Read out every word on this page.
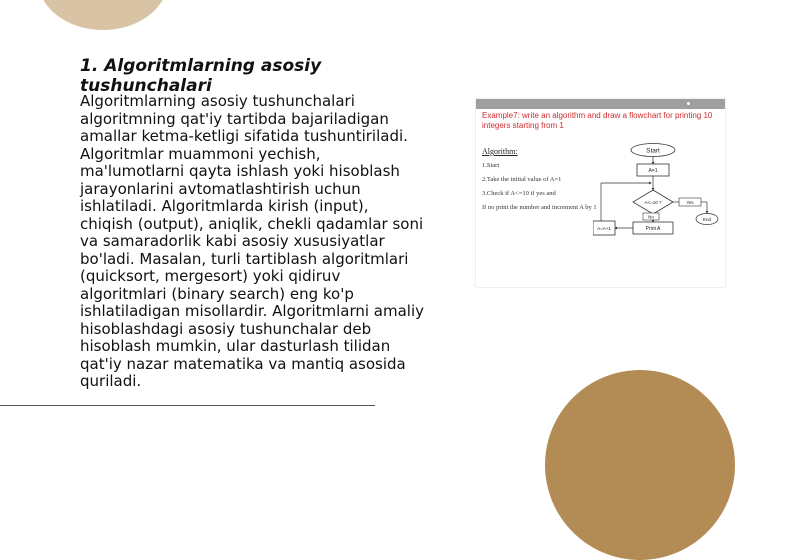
1. Algoritmlarning asosiy tushunchalari
Algoritmlarning asosiy tushunchalari algoritmning qat'iy tartibda bajariladigan amallar ketma-ketligi sifatida tushuntiriladi. Algoritmlar muammoni yechish, ma'lumotlarni qayta ishlash yoki hisoblash jarayonlarini avtomatlashtirish uchun ishlatiladi. Algoritmlarda kirish (input), chiqish (output), aniqlik, chekli qadamlar soni va samaradorlik kabi asosiy xususiyatlar bo'ladi. Masalan, turli tartiblash algoritmlari (quicksort, mergesort) yoki qidiruv algoritmlari (binary search) eng ko'p ishlatiladigan misollardir. Algoritmlarni amaliy hisoblashdagi asosiy tushunchalar deb hisoblash mumkin, ular dasturlash tilidan qat'iy nazar matematika va mantiq asosida quriladi.
Example7: write an algorithm and draw a flowchart for printing 10 integers starting from 1
Algorithm:
1.Start
2.Take the initial value of A=1
3.Check if A<=10 if yes and
If no print the number and increment A by 1
Start
A=1
A<=10 ?	Yes
End
No
Print A
A=A+1
